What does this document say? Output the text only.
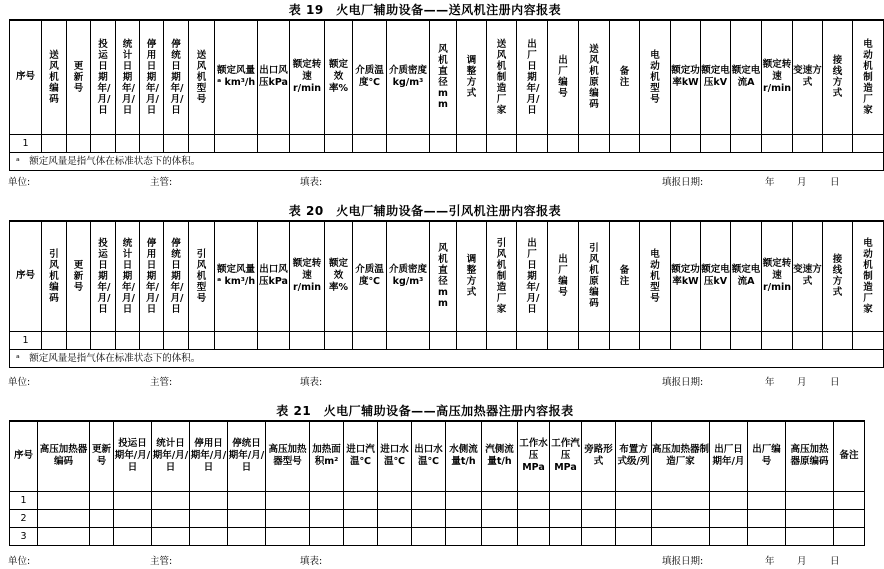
表 19　火电厂辅助设备——送风机注册内容报表
序号	送风机编码	更新号	投运日期年/月/日	统计日期年/月/日	停用日期年/月/日	停统日期年/月/日	送风机型号	额定风量ᵃ km³/h	出口风压kPa	额定转速r/min	额定效率%	介质温度℃	介质密度kg/m³	风机直径mm	调整方式	送风机制造厂家	出厂日期年/月/日	出厂编号	送风机原编码	备注	电动机型号	额定功率kW	额定电压kV	额定电流A	额定转速r/min	变速方式	接线方式	电动机制造厂家
1																												
ᵃ　额定风量是指气体在标准状态下的体积。																												
单位:	主管:	填表:	填报日期:	年 月 日
表 20　火电厂辅助设备——引风机注册内容报表
序号	引风机编码	更新号	投运日期年/月/日	统计日期年/月/日	停用日期年/月/日	停统日期年/月/日	引风机型号	额定风量ᵃ km³/h	出口风压kPa	额定转速r/min	额定效率%	介质温度℃	介质密度kg/m³	风机直径mm	调整方式	引风机制造厂家	出厂日期年/月/日	出厂编号	引风机原编码	备注	电动机型号	额定功率kW	额定电压kV	额定电流A	额定转速r/min	变速方式	接线方式	电动机制造厂家
1																												
ᵃ　额定风量是指气体在标准状态下的体积。																												
单位:	主管:	填表:	填报日期:	年 月 日
表 21　火电厂辅助设备——高压加热器注册内容报表
序号	高压加热器编码	更新号	投运日期年/月/日	统计日期年/月/日	停用日期年/月/日	停统日期年/月/日	高压加热器型号	加热面积m²	进口汽温℃	进口水温℃	出口水温℃	水侧流量t/h	汽侧流量t/h	工作水压MPa	工作汽压MPa	旁路形式	布置方式级/列	高压加热器制造厂家	出厂日期年/月	出厂编号	高压加热器原编码	备注
1																						
2																						
3																						
单位:	主管:	填表:	填报日期:	年 月 日
